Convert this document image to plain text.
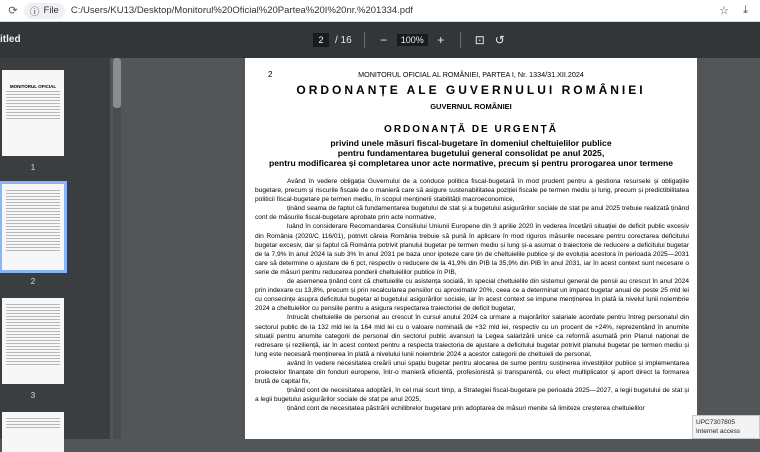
⟳	ⓘ File C:/Users/KU13/Desktop/Monitorul%20Oficial%20Partea%20I%20nr.%201334.pdf	☆ ⤓
itled	2	/ 16 −	100%	+	⊡ ↺
MONITORUL OFICIAL
1
2
3
2	MONITORUL OFICIAL AL ROMÂNIEI, PARTEA I, Nr. 1334/31.XII.2024
ORDONANȚE ALE GUVERNULUI ROMÂNIEI
GUVERNUL ROMÂNIEI
ORDONANȚĂ DE URGENȚĂ
privind unele măsuri fiscal-bugetare în domeniul cheltuielilor publice
pentru fundamentarea bugetului general consolidat pe anul 2025,
pentru modificarea și completarea unor acte normative, precum și pentru prorogarea unor termene

Având în vedere obligația Guvernului de a conduce politica fiscal-bugetară în mod prudent pentru a gestiona resursele și obligațiile bugetare, precum și riscurile fiscale de o manieră care să asigure sustenabilitatea poziției fiscale pe termen mediu și lung, precum și predictibilitatea politicii fiscal-bugetare pe termen mediu, în scopul menținerii stabilității macroeconomice,

ținând seama de faptul că fundamentarea bugetului de stat și a bugetului asigurărilor sociale de stat pe anul 2025 trebuie realizată ținând cont de măsurile fiscal-bugetare aprobate prin acte normative,

luând în considerare Recomandarea Consiliului Uniunii Europene din 3 aprilie 2020 în vederea încetării situației de deficit public excesiv din România (2020/C 116/01), potrivit căreia România trebuie să pună în aplicare în mod riguros măsurile necesare pentru corectarea deficitului bugetar excesiv, dar și faptul că România potrivit planului bugetar pe termen mediu și lung și-a asumat o traiectorie de reducere a deficitului bugetar de la 7,9% în anul 2024 la sub 3% în anul 2031 pe baza unor ipoteze care țin de cheltuielile publice și de evoluția acestora în perioada 2025—2031 care să determine o ajustare de 6 pct, respectiv o reducere de la 41,9% din PIB la 35,9% din PIB în anul 2031, iar în acest context sunt necesare o serie de măsuri pentru reducerea ponderii cheltuielilor publice în PIB,

de asemenea ținând cont că cheltuielile cu asistența socială, în special cheltuielile din sistemul general de pensii au crescut în anul 2024 prin indexare cu 13,8%, precum și prin recalcularea pensiilor cu aproximativ 20%, ceea ce a determinat un impact bugetar anual de peste 25 mld lei cu consecințe asupra deficitului bugetar al bugetului asigurărilor sociale, iar în acest context se impune menținerea în plată la nivelul lunii noiembrie 2024 a cheltuielilor cu pensiile pentru a asigura respectarea traiectoriei de deficit bugetar,

întrucât cheltuielile de personal au crescut în cursul anului 2024 ca urmare a majorărilor salariale acordate pentru întreg personalul din sectorul public de la 132 mld lei la 164 mld lei cu o valoare nominală de +32 mld lei, respectiv cu un procent de +24%, reprezentând în anumite situații pentru anumite categorii de personal din sectorul public avansuri la Legea salarizării unice ca reformă asumată prin Planul național de redresare și reziliență, iar în acest context pentru a respecta traiectoria de ajustare a deficitului bugetar potrivit planului bugetar pe termen mediu și lung este necesară menținerea în plată a nivelului lunii noiembrie 2024 a acestor categorii de cheltuieli de personal,

având în vedere necesitatea creării unui spațiu bugetar pentru alocarea de sume pentru susținerea investițiilor publice și implementarea proiectelor finanțate din fonduri europene, într-o manieră eficientă, profesionistă și transparentă, cu efect multiplicator și aport direct la formarea brută de capital fix,

ținând cont de necesitatea adoptării, în cel mai scurt timp, a Strategiei fiscal-bugetare pe perioada 2025—2027, a legii bugetului de stat și a legii bugetului asigurărilor sociale de stat pe anul 2025,

ținând cont de necesitatea păstrării echilibrelor bugetare prin adoptarea de măsuri menite să limiteze creșterea cheltuielilor

UPC7307805
Internet access
